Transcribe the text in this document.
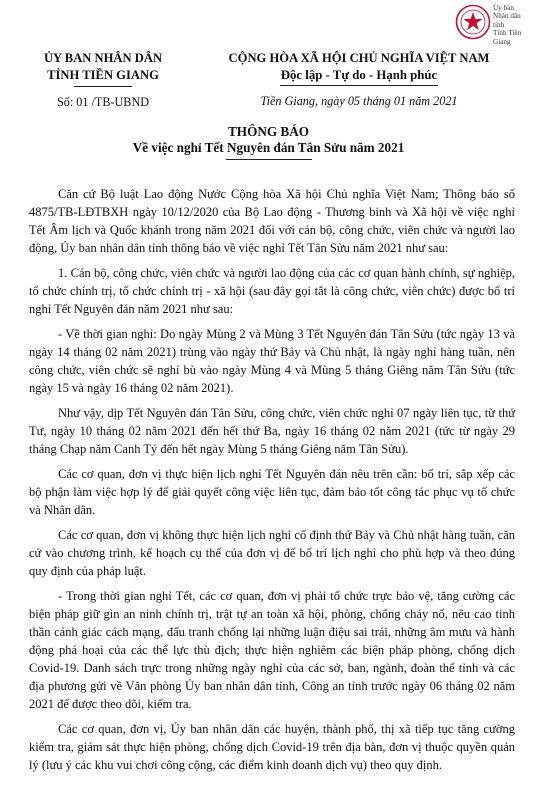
Ủy ban
Nhân dân
tỉnh
Tỉnh Tiền
Giang
ỦY BAN NHÂN DÂN
TỈNH TIỀN GIANG
Số: 01 /TB-UBND
CỘNG HÒA XÃ HỘI CHỦ NGHĨA VIỆT NAM
Độc lập - Tự do - Hạnh phúc
Tiền Giang, ngày 05 tháng 01 năm 2021
THÔNG BÁO
Về việc nghỉ Tết Nguyên đán Tân Sửu năm 2021

Căn cứ Bộ luật Lao động Nước Cộng hòa Xã hội Chủ nghĩa Việt Nam; Thông báo số 4875/TB-LĐTBXH ngày 10/12/2020 của Bộ Lao động - Thương binh và Xã hội về việc nghỉ Tết Âm lịch và Quốc khánh trong năm 2021 đối với cán bộ, công chức, viên chức và người lao động, Ủy ban nhân dân tỉnh thông báo về việc nghỉ Tết Tân Sửu năm 2021 như sau:

1. Cán bộ, công chức, viên chức và người lao động của các cơ quan hành chính, sự nghiệp, tổ chức chính trị, tổ chức chính trị - xã hội (sau đây gọi tắt là công chức, viên chức) được bố trí nghỉ Tết Nguyên đán năm 2021 như sau:

- Về thời gian nghỉ: Do ngày Mùng 2 và Mùng 3 Tết Nguyên đán Tân Sửu (tức ngày 13 và ngày 14 tháng 02 năm 2021) trùng vào ngày thứ Bảy và Chủ nhật, là ngày nghỉ hàng tuần, nên công chức, viên chức sẽ nghỉ bù vào ngày Mùng 4 và Mùng 5 tháng Giêng năm Tân Sửu (tức ngày 15 và ngày 16 tháng 02 năm 2021).

Như vậy, dịp Tết Nguyên đán Tân Sửu, công chức, viên chức nghỉ 07 ngày liên tục, từ thứ Tư, ngày 10 tháng 02 năm 2021 đến hết thứ Ba, ngày 16 tháng 02 năm 2021 (tức từ ngày 29 tháng Chạp năm Canh Tý đến hết ngày Mùng 5 tháng Giêng năm Tân Sửu).

Các cơ quan, đơn vị thực hiện lịch nghỉ Tết Nguyên đán nêu trên cần: bố trí, sắp xếp các bộ phận làm việc hợp lý để giải quyết công việc liên tục, đảm bảo tốt công tác phục vụ tổ chức và Nhân dân.

Các cơ quan, đơn vị không thực hiện lịch nghỉ cố định thứ Bảy và Chủ nhật hàng tuần, căn cứ vào chương trình, kế hoạch cụ thể của đơn vị để bố trí lịch nghỉ cho phù hợp và theo đúng quy định của pháp luật.

- Trong thời gian nghỉ Tết, các cơ quan, đơn vị phải tổ chức trực bảo vệ, tăng cường các biện pháp giữ gìn an ninh chính trị, trật tự an toàn xã hội, phòng, chống cháy nổ, nêu cao tinh thần cảnh giác cách mạng, đấu tranh chống lại những luận điệu sai trái, những âm mưu và hành động phá hoại của các thế lực thù địch; thực hiện nghiêm các biện pháp phòng, chống dịch Covid-19. Danh sách trực trong những ngày nghỉ của các sở, ban, ngành, đoàn thể tỉnh và các địa phương gửi về Văn phòng Ủy ban nhân dân tỉnh, Công an tỉnh trước ngày 06 tháng 02 năm 2021 để được theo dõi, kiểm tra.

Các cơ quan, đơn vị, Ủy ban nhân dân các huyện, thành phố, thị xã tiếp tục tăng cường kiểm tra, giám sát thực hiện phòng, chống dịch Covid-19 trên địa bàn, đơn vị thuộc quyền quản lý (lưu ý các khu vui chơi công cộng, các điểm kinh doanh dịch vụ) theo quy định.
